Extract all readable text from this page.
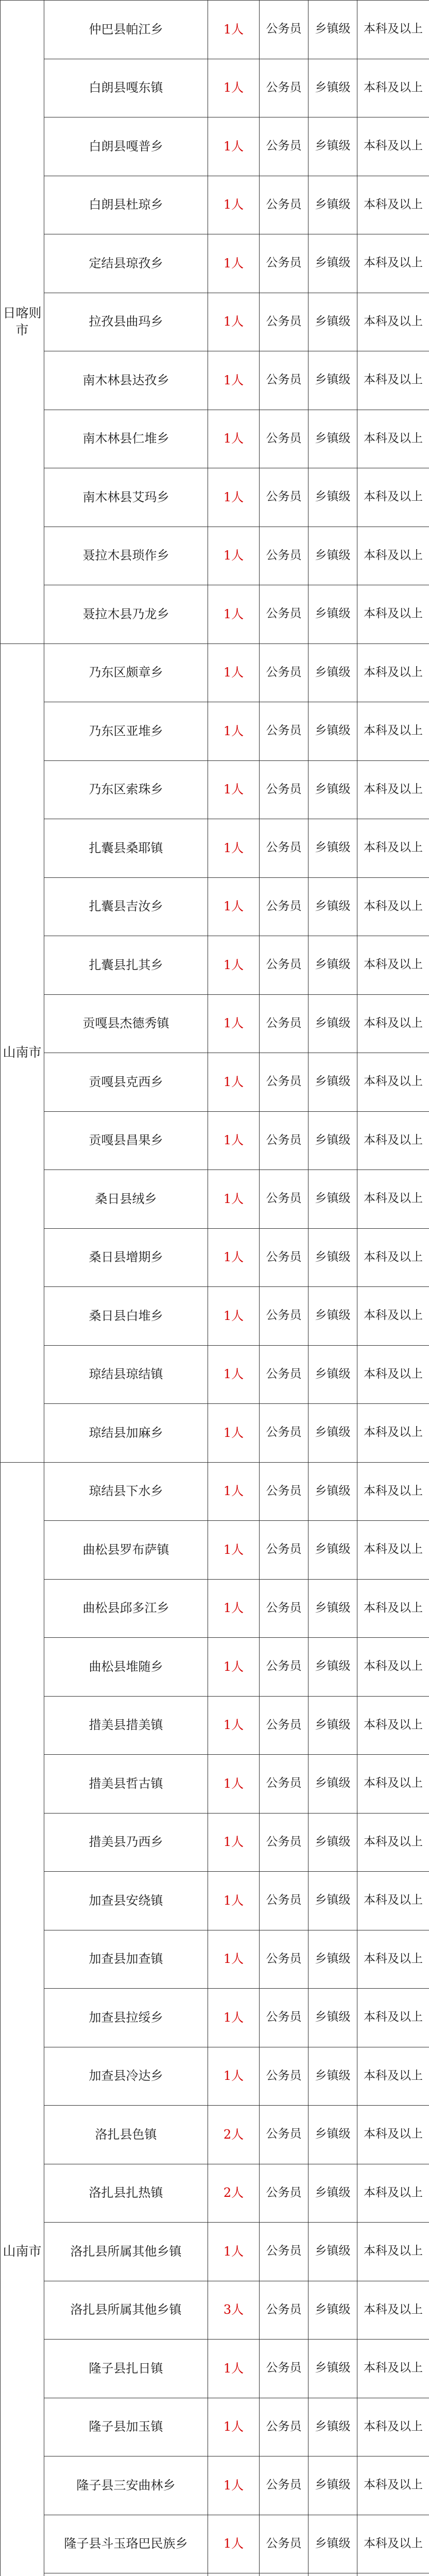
日喀则市	仲巴县帕江乡	1人	公务员	乡镇级	本科及以上
	白朗县嘎东镇	1人	公务员	乡镇级	本科及以上
	白朗县嘎普乡	1人	公务员	乡镇级	本科及以上
	白朗县杜琼乡	1人	公务员	乡镇级	本科及以上
	定结县琼孜乡	1人	公务员	乡镇级	本科及以上
	拉孜县曲玛乡	1人	公务员	乡镇级	本科及以上
	南木林县达孜乡	1人	公务员	乡镇级	本科及以上
	南木林县仁堆乡	1人	公务员	乡镇级	本科及以上
	南木林县艾玛乡	1人	公务员	乡镇级	本科及以上
	聂拉木县琐作乡	1人	公务员	乡镇级	本科及以上
	聂拉木县乃龙乡	1人	公务员	乡镇级	本科及以上
山南市	乃东区颇章乡	1人	公务员	乡镇级	本科及以上
	乃东区亚堆乡	1人	公务员	乡镇级	本科及以上
	乃东区索珠乡	1人	公务员	乡镇级	本科及以上
	扎囊县桑耶镇	1人	公务员	乡镇级	本科及以上
	扎囊县吉汝乡	1人	公务员	乡镇级	本科及以上
	扎囊县扎其乡	1人	公务员	乡镇级	本科及以上
	贡嘎县杰德秀镇	1人	公务员	乡镇级	本科及以上
	贡嘎县克西乡	1人	公务员	乡镇级	本科及以上
	贡嘎县昌果乡	1人	公务员	乡镇级	本科及以上
	桑日县绒乡	1人	公务员	乡镇级	本科及以上
	桑日县增期乡	1人	公务员	乡镇级	本科及以上
	桑日县白堆乡	1人	公务员	乡镇级	本科及以上
	琼结县琼结镇	1人	公务员	乡镇级	本科及以上
	琼结县加麻乡	1人	公务员	乡镇级	本科及以上
山南市	琼结县下水乡	1人	公务员	乡镇级	本科及以上
	曲松县罗布萨镇	1人	公务员	乡镇级	本科及以上
	曲松县邱多江乡	1人	公务员	乡镇级	本科及以上
	曲松县堆随乡	1人	公务员	乡镇级	本科及以上
	措美县措美镇	1人	公务员	乡镇级	本科及以上
	措美县哲古镇	1人	公务员	乡镇级	本科及以上
	措美县乃西乡	1人	公务员	乡镇级	本科及以上
	加查县安绕镇	1人	公务员	乡镇级	本科及以上
	加查县加查镇	1人	公务员	乡镇级	本科及以上
	加查县拉绥乡	1人	公务员	乡镇级	本科及以上
	加查县冷达乡	1人	公务员	乡镇级	本科及以上
	洛扎县色镇	2人	公务员	乡镇级	本科及以上
	洛扎县扎热镇	2人	公务员	乡镇级	本科及以上
	洛扎县所属其他乡镇	1人	公务员	乡镇级	本科及以上
	洛扎县所属其他乡镇	3人	公务员	乡镇级	本科及以上
	隆子县扎日镇	1人	公务员	乡镇级	本科及以上
	隆子县加玉镇	1人	公务员	乡镇级	本科及以上
	隆子县三安曲林乡	1人	公务员	乡镇级	本科及以上
	隆子县斗玉珞巴民族乡	1人	公务员	乡镇级	本科及以上
